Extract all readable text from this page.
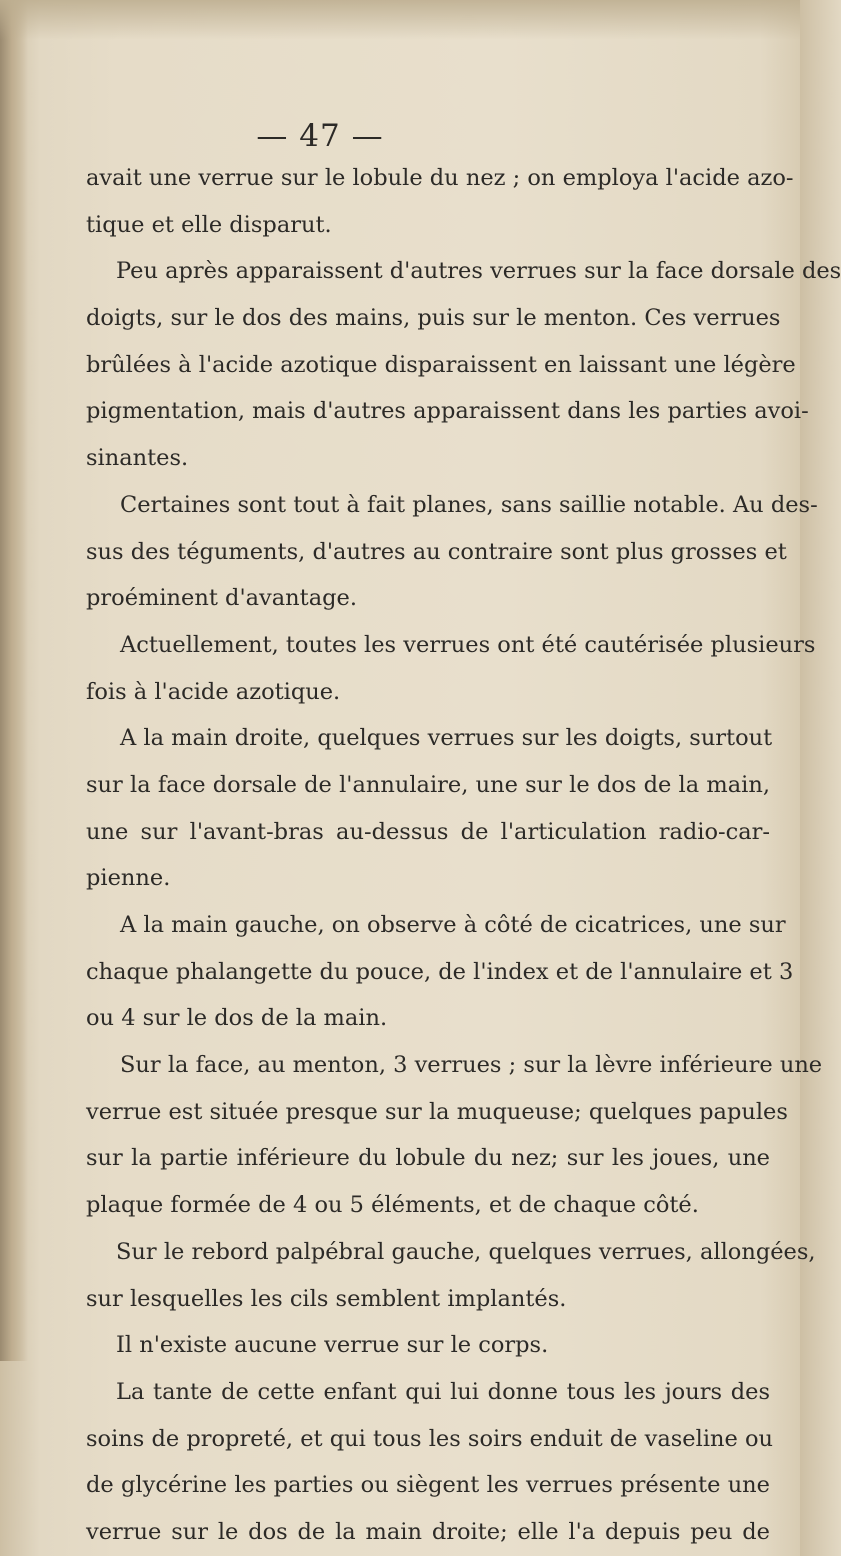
— 47 —
avait une verrue sur le lobule du nez ; on employa l'acide azo-
tique et elle disparut.
Peu après apparaissent d'autres verrues sur la face dorsale des
doigts, sur le dos des mains, puis sur le menton. Ces verrues
brûlées à l'acide azotique disparaissent en laissant une légère
pigmentation, mais d'autres apparaissent dans les parties avoi-
sinantes.
Certaines sont tout à fait planes, sans saillie notable. Au des-
sus des téguments, d'autres au contraire sont plus grosses et
proéminent d'avantage.
Actuellement, toutes les verrues ont été cautérisée plusieurs
fois à l'acide azotique.
A la main droite, quelques verrues sur les doigts, surtout
sur la face dorsale de l'annulaire, une sur le dos de la main,
une sur l'avant-bras au-dessus de l'articulation radio-car-
pienne.
A la main gauche, on observe à côté de cicatrices, une sur
chaque phalangette du pouce, de l'index et de l'annulaire et 3
ou 4 sur le dos de la main.
Sur la face, au menton, 3 verrues ; sur la lèvre inférieure une
verrue est située presque sur la muqueuse; quelques papules
sur la partie inférieure du lobule du nez; sur les joues, une
plaque formée de 4 ou 5 éléments, et de chaque côté.
Sur le rebord palpébral gauche, quelques verrues, allongées,
sur lesquelles les cils semblent implantés.
Il n'existe aucune verrue sur le corps.
La tante de cette enfant qui lui donne tous les jours des
soins de propreté, et qui tous les soirs enduit de vaseline ou
de glycérine les parties ou siègent les verrues présente une
verrue sur le dos de la main droite; elle l'a depuis peu de
